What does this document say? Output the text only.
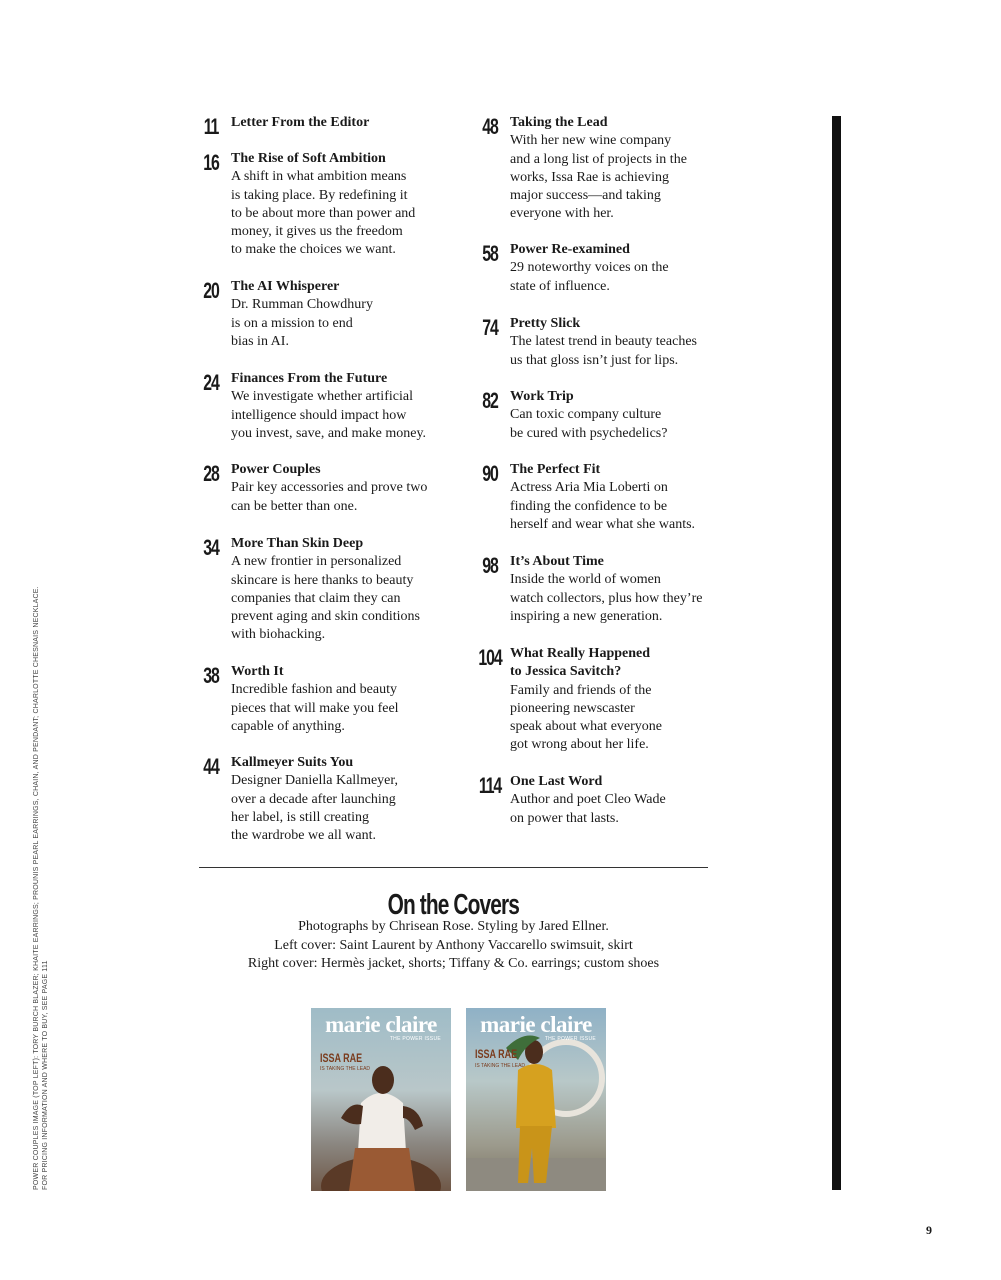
11 Letter From the Editor
16 The Rise of Soft Ambition
A shift in what ambition means
is taking place. By redefining it
to be about more than power and
money, it gives us the freedom
to make the choices we want.
20 The AI Whisperer
Dr. Rumman Chowdhury
is on a mission to end
bias in AI.
24 Finances From the Future
We investigate whether artificial
intelligence should impact how
you invest, save, and make money.
28 Power Couples
Pair key accessories and prove two
can be better than one.
34 More Than Skin Deep
A new frontier in personalized
skincare is here thanks to beauty
companies that claim they can
prevent aging and skin conditions
with biohacking.
38 Worth It
Incredible fashion and beauty
pieces that will make you feel
capable of anything.
44 Kallmeyer Suits You
Designer Daniella Kallmeyer,
over a decade after launching
her label, is still creating
the wardrobe we all want.
48 Taking the Lead
With her new wine company
and a long list of projects in the
works, Issa Rae is achieving
major success—and taking
everyone with her.
58 Power Re-examined
29 noteworthy voices on the
state of influence.
74 Pretty Slick
The latest trend in beauty teaches
us that gloss isn’t just for lips.
82 Work Trip
Can toxic company culture
be cured with psychedelics?
90 The Perfect Fit
Actress Aria Mia Loberti on
finding the confidence to be
herself and wear what she wants.
98 It’s About Time
Inside the world of women
watch collectors, plus how they’re
inspiring a new generation.
104 What Really Happened
to Jessica Savitch?
Family and friends of the
pioneering newscaster
speak about what everyone
got wrong about her life.
114 One Last Word
Author and poet Cleo Wade
on power that lasts.
On the Covers
Photographs by Chrisean Rose. Styling by Jared Ellner.
Left cover: Saint Laurent by Anthony Vaccarello swimsuit, skirt
Right cover: Hermès jacket, shorts; Tiffany & Co. earrings; custom shoes
marie claire
THE POWER ISSUE
ISSA RAE
IS TAKING THE LEAD
marie claire
THE POWER ISSUE
ISSA RAE
IS TAKING THE LEAD
POWER COUPLES IMAGE (TOP LEFT): TORY BURCH BLAZER; KHAITE EARRINGS; PROUNIS PEARL EARRINGS, CHAIN, AND PENDANT; CHARLOTTE CHESNAIS NECKLACE. FOR PRICING INFORMATION AND WHERE TO BUY, SEE PAGE 111
9
